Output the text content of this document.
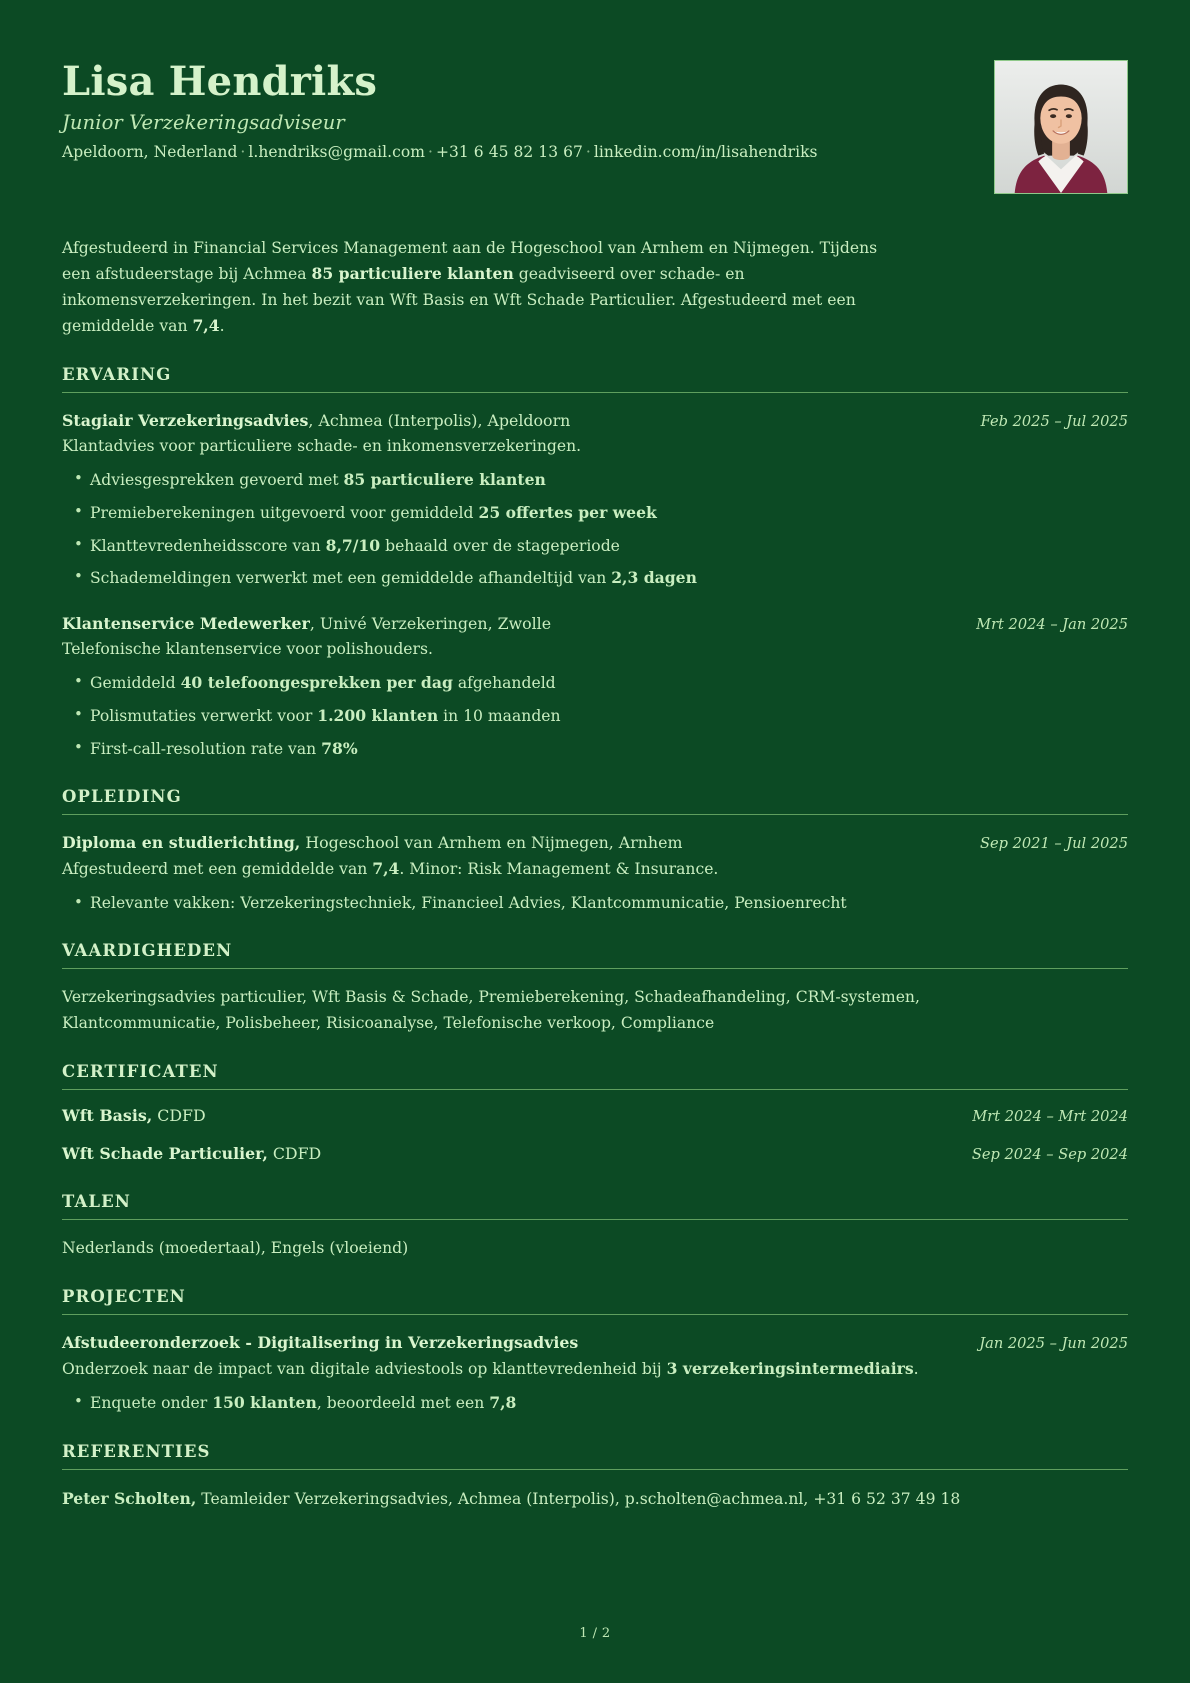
Lisa Hendriks
Junior Verzekeringsadviseur
Apeldoorn, Nederland · l.hendriks@gmail.com · +31 6 45 82 13 67 · linkedin.com/in/lisahendriks
Afgestudeerd in Financial Services Management aan de Hogeschool van Arnhem en Nijmegen. Tijdens een afstudeerstage bij Achmea 85 particuliere klanten geadviseerd over schade- en inkomensverzekeringen. In het bezit van Wft Basis en Wft Schade Particulier. Afgestudeerd met een gemiddelde van 7,4.
ERVARING
Stagiair Verzekeringsadvies, Achmea (Interpolis), Apeldoorn	Feb 2025 – Jul 2025
Klantadvies voor particuliere schade- en inkomensverzekeringen.
• Adviesgesprekken gevoerd met 85 particuliere klanten
• Premieberekeningen uitgevoerd voor gemiddeld 25 offertes per week
• Klanttevredenheidsscore van 8,7/10 behaald over de stageperiode
• Schademeldingen verwerkt met een gemiddelde afhandeltijd van 2,3 dagen
Klantenservice Medewerker, Univé Verzekeringen, Zwolle	Mrt 2024 – Jan 2025
Telefonische klantenservice voor polishouders.
• Gemiddeld 40 telefoongesprekken per dag afgehandeld
• Polismutaties verwerkt voor 1.200 klanten in 10 maanden
• First-call-resolution rate van 78%
OPLEIDING
Diploma en studierichting, Hogeschool van Arnhem en Nijmegen, Arnhem	Sep 2021 – Jul 2025
Afgestudeerd met een gemiddelde van 7,4. Minor: Risk Management & Insurance.
• Relevante vakken: Verzekeringstechniek, Financieel Advies, Klantcommunicatie, Pensioenrecht
VAARDIGHEDEN
Verzekeringsadvies particulier, Wft Basis & Schade, Premieberekening, Schadeafhandeling, CRM-systemen, Klantcommunicatie, Polisbeheer, Risicoanalyse, Telefonische verkoop, Compliance
CERTIFICATEN
Wft Basis, CDFD	Mrt 2024 – Mrt 2024
Wft Schade Particulier, CDFD	Sep 2024 – Sep 2024
TALEN
Nederlands (moedertaal), Engels (vloeiend)
PROJECTEN
Afstudeeronderzoek - Digitalisering in Verzekeringsadvies	Jan 2025 – Jun 2025
Onderzoek naar de impact van digitale adviestools op klanttevredenheid bij 3 verzekeringsintermediairs.
• Enquete onder 150 klanten, beoordeeld met een 7,8
REFERENTIES
Peter Scholten, Teamleider Verzekeringsadvies, Achmea (Interpolis), p.scholten@achmea.nl, +31 6 52 37 49 18
1 / 2
